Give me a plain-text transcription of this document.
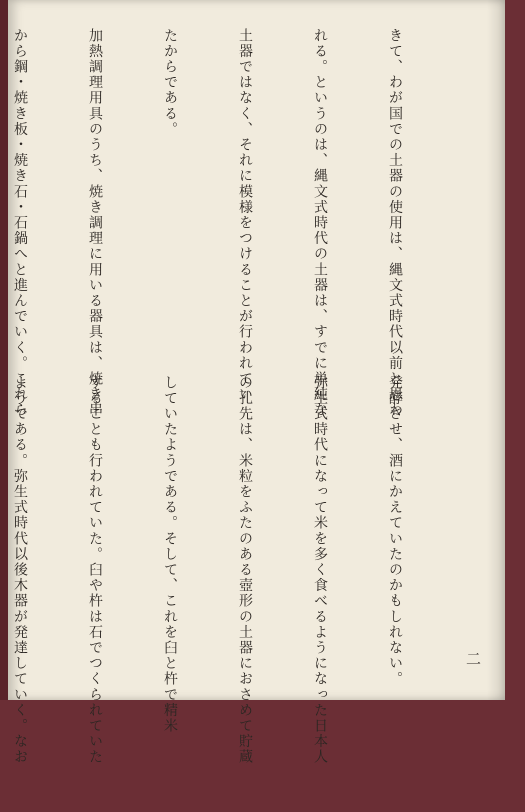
きて、わが国での土器の使用は、縄文式時代以前と思わ

れる。というのは、縄文式時代の土器は、すでに単純な

土器ではなく、それに模様をつけることが行われてい

たからである。

加熱調理用具のうち、焼き調理に用いる器具は、焼き串

から鋼・焼き板・焼き石・石鍋へと進んでいく。これら

発酵させ、酒にかえていたのかもしれない。

弥生式時代になって米を多く食べるようになった日本人

の孔先は、米粒をふたのある壺形の土器におさめて貯蔵

していたようである。そして、これを臼と杵で精米

することも行われていた。臼や杵は石でつくられていた

ようである。弥生式時代以後木器が発達していく。なお

	二
